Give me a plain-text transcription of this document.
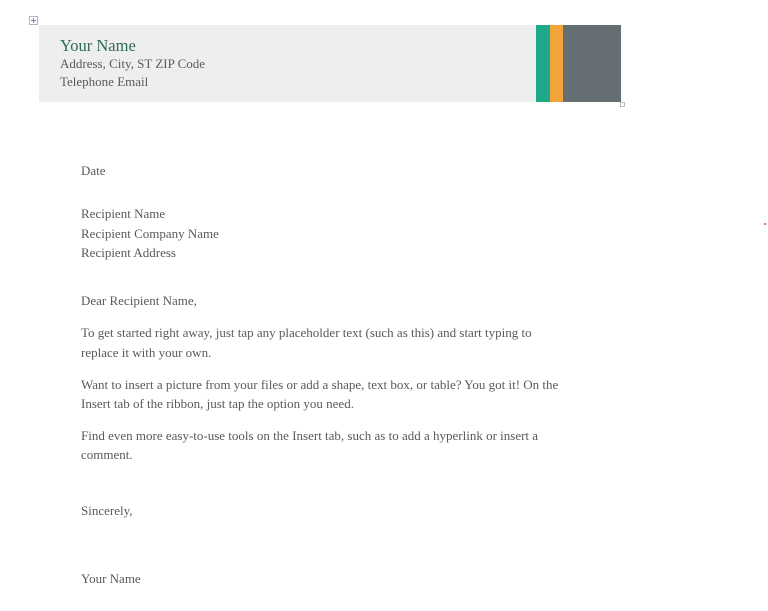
Your Name
Address, City, ST ZIP Code
Telephone Email
Date
Recipient Name
Recipient Company Name
Recipient Address
Dear Recipient Name,
To get started right away, just tap any placeholder text (such as this) and start typing to
replace it with your own.
Want to insert a picture from your files or add a shape, text box, or table? You got it! On the
Insert tab of the ribbon, just tap the option you need.
Find even more easy-to-use tools on the Insert tab, such as to add a hyperlink or insert a
comment.
Sincerely,
Your Name
